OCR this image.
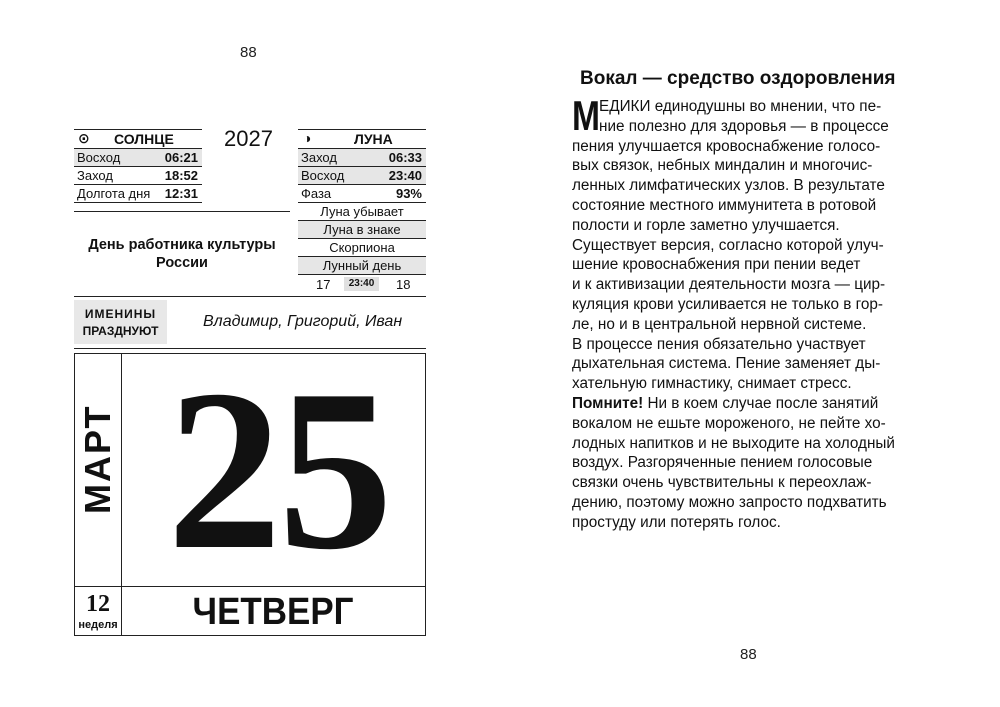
88
⊙ СОЛНЦЕ
Восход	06:21
Заход	18:52
Долгота дня 12:31
2027 ◑	ЛУНА
Заход	06:33
Восход	23:40
Фаза	93%
Луна убывает
Луна в знаке
Скорпиона
Лунный день
17	23:40	18
День работника культуры России
ИМЕНИНЫ
ПРАЗДНУЮТ
Владимир, Григорий, Иван
МАРТ 25
12
неделя	ЧЕТВЕРГ
Вокал — средство оздоровления
М ЕДИКИ единодушны во мнении, что пе-
ние полезно для здоровья — в процессе
пения улучшается кровоснабжение голосо-
вых связок, небных миндалин и многочис-
ленных лимфатических узлов. В результате
состояние местного иммунитета в ротовой
полости и горле заметно улучшается.
Существует версия, согласно которой улуч-
шение кровоснабжения при пении ведет
и к активизации деятельности мозга — цир-
куляция крови усиливается не только в гор-
ле, но и в центральной нервной системе.
В процессе пения обязательно участвует
дыхательная система. Пение заменяет ды-
хательную гимнастику, снимает стресс.
Помните! Ни в коем случае после занятий
вокалом не ешьте мороженого, не пейте хо-
лодных напитков и не выходите на холодный
воздух. Разгоряченные пением голосовые
связки очень чувствительны к переохлаж-
дению, поэтому можно запросто подхватить
простуду или потерять голос.
88
